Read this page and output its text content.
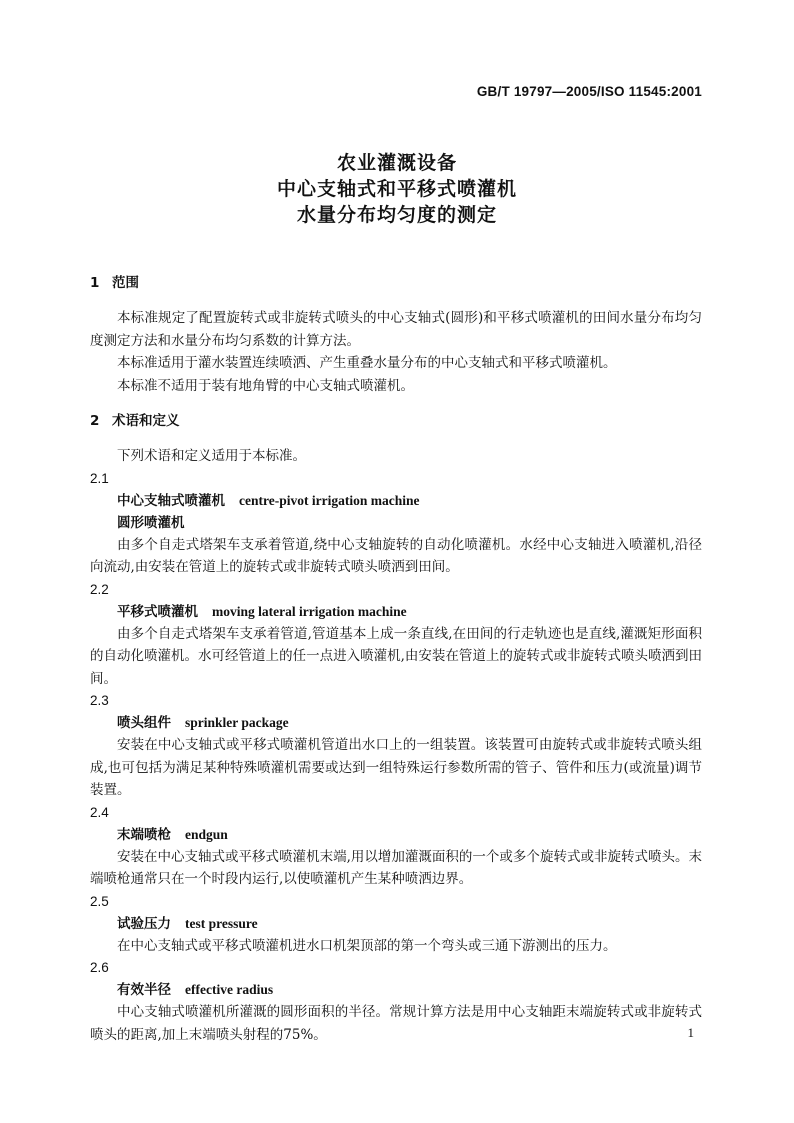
GB/T 19797—2005/ISO 11545:2001
农业灌溉设备
中心支轴式和平移式喷灌机
水量分布均匀度的测定
1 范围
本标准规定了配置旋转式或非旋转式喷头的中心支轴式(圆形)和平移式喷灌机的田间水量分布均匀度测定方法和水量分布均匀系数的计算方法。
本标准适用于灌水装置连续喷洒、产生重叠水量分布的中心支轴式和平移式喷灌机。
本标准不适用于装有地角臂的中心支轴式喷灌机。
2 术语和定义
下列术语和定义适用于本标准。
2.1
中心支轴式喷灌机 centre-pivot irrigation machine
圆形喷灌机
由多个自走式塔架车支承着管道,绕中心支轴旋转的自动化喷灌机。水经中心支轴进入喷灌机,沿径向流动,由安装在管道上的旋转式或非旋转式喷头喷洒到田间。
2.2
平移式喷灌机 moving lateral irrigation machine
由多个自走式塔架车支承着管道,管道基本上成一条直线,在田间的行走轨迹也是直线,灌溉矩形面积的自动化喷灌机。水可经管道上的任一点进入喷灌机,由安装在管道上的旋转式或非旋转式喷头喷洒到田间。
2.3
喷头组件 sprinkler package
安装在中心支轴式或平移式喷灌机管道出水口上的一组装置。该装置可由旋转式或非旋转式喷头组成,也可包括为满足某种特殊喷灌机需要或达到一组特殊运行参数所需的管子、管件和压力(或流量)调节装置。
2.4
末端喷枪 endgun
安装在中心支轴式或平移式喷灌机末端,用以增加灌溉面积的一个或多个旋转式或非旋转式喷头。末端喷枪通常只在一个时段内运行,以使喷灌机产生某种喷洒边界。
2.5
试验压力 test pressure
在中心支轴式或平移式喷灌机进水口机架顶部的第一个弯头或三通下游测出的压力。
2.6
有效半径 effective radius
中心支轴式喷灌机所灌溉的圆形面积的半径。常规计算方法是用中心支轴距末端旋转式或非旋转式喷头的距离,加上末端喷头射程的75%。	1
